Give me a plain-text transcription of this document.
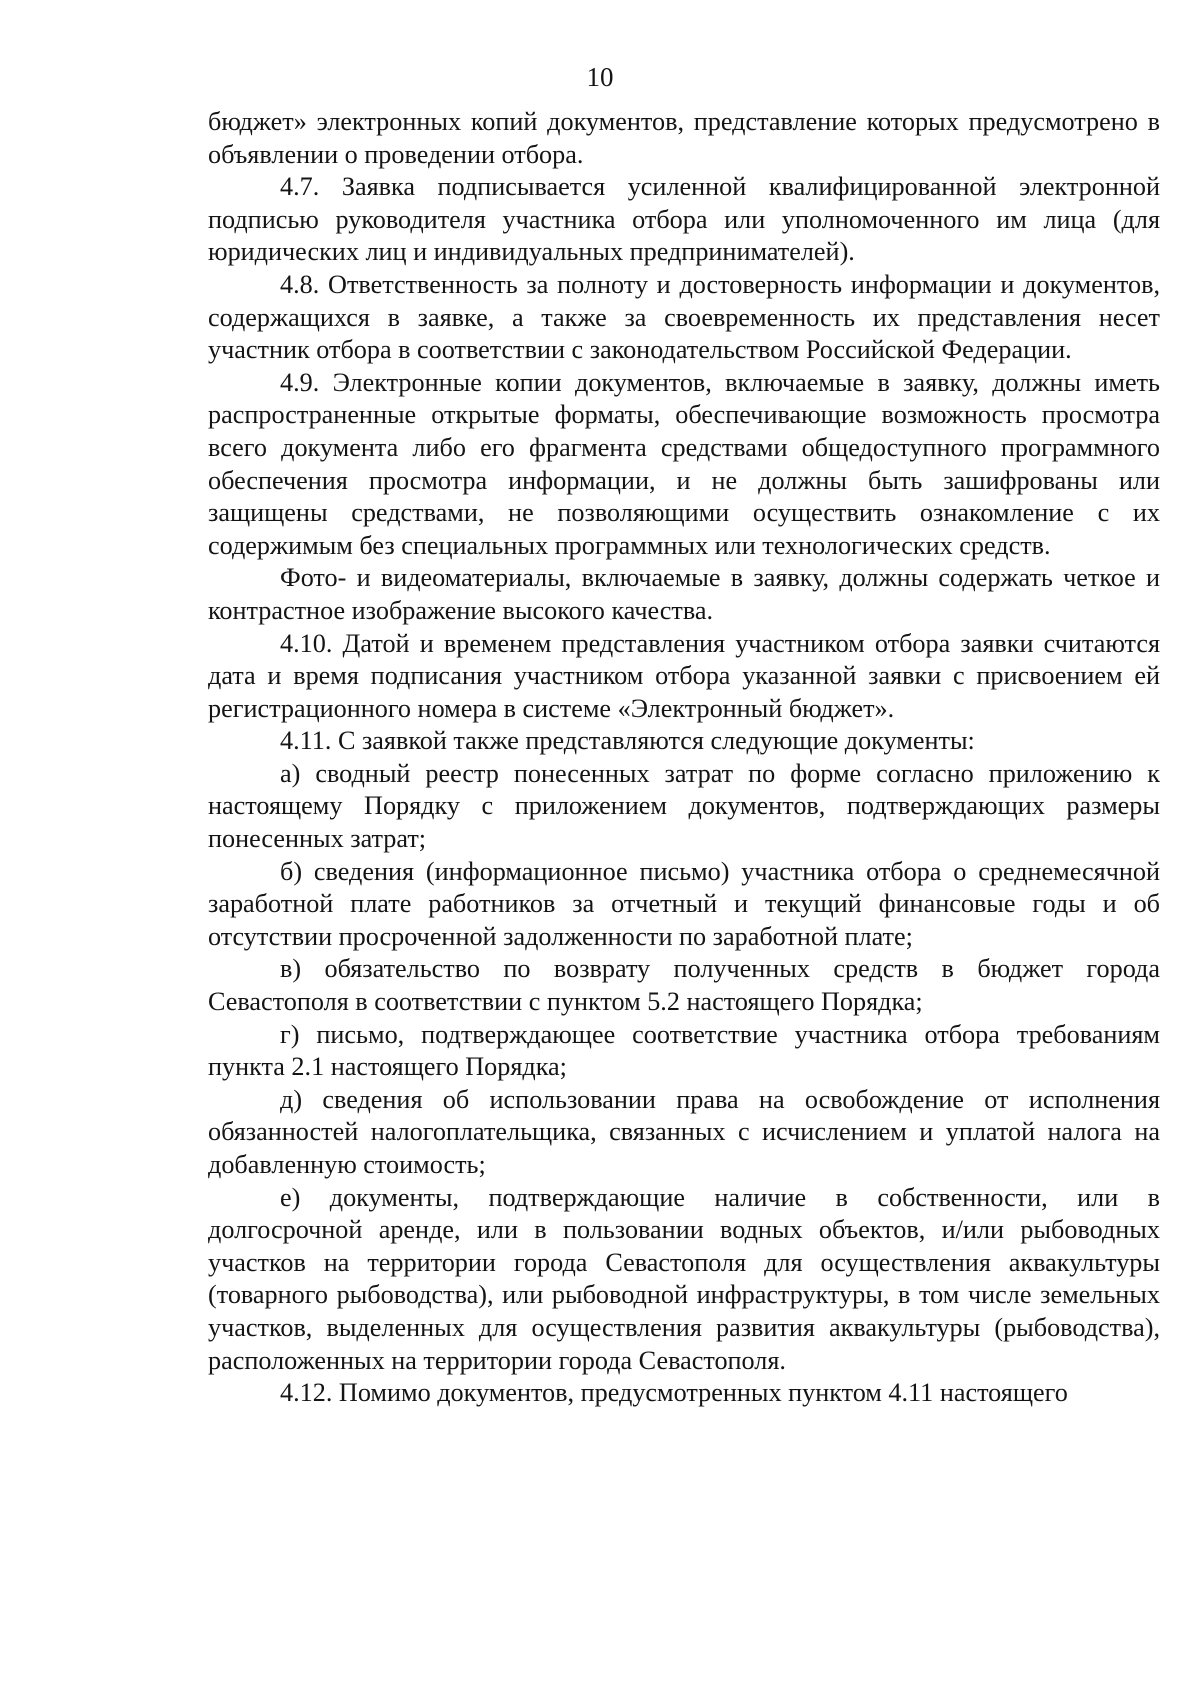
10

бюджет» электронных копий документов, представление которых предусмотрено в объявлении о проведении отбора.

4.7. Заявка подписывается усиленной квалифицированной электронной подписью руководителя участника отбора или уполномоченного им лица (для юридических лиц и индивидуальных предпринимателей).

4.8. Ответственность за полноту и достоверность информации и документов, содержащихся в заявке, а также за своевременность их представления несет участник отбора в соответствии с законодательством Российской Федерации.

4.9. Электронные копии документов, включаемые в заявку, должны иметь распространенные открытые форматы, обеспечивающие возможность просмотра всего документа либо его фрагмента средствами общедоступного программного обеспечения просмотра информации, и не должны быть зашифрованы или защищены средствами, не позволяющими осуществить ознакомление с их содержимым без специальных программных или технологических средств.

Фото- и видеоматериалы, включаемые в заявку, должны содержать четкое и контрастное изображение высокого качества.

4.10. Датой и временем представления участником отбора заявки считаются дата и время подписания участником отбора указанной заявки с присвоением ей регистрационного номера в системе «Электронный бюджет».

4.11. С заявкой также представляются следующие документы:

а) сводный реестр понесенных затрат по форме согласно приложению к настоящему Порядку с приложением документов, подтверждающих размеры понесенных затрат;

б) сведения (информационное письмо) участника отбора о среднемесячной заработной плате работников за отчетный и текущий финансовые годы и об отсутствии просроченной задолженности по заработной плате;

в) обязательство по возврату полученных средств в бюджет города Севастополя в соответствии с пунктом 5.2 настоящего Порядка;

г) письмо, подтверждающее соответствие участника отбора требованиям пункта 2.1 настоящего Порядка;

д) сведения об использовании права на освобождение от исполнения обязанностей налогоплательщика, связанных с исчислением и уплатой налога на добавленную стоимость;

е) документы, подтверждающие наличие в собственности, или в долгосрочной аренде, или в пользовании водных объектов, и/или рыбоводных участков на территории города Севастополя для осуществления аквакультуры (товарного рыбоводства), или рыбоводной инфраструктуры, в том числе земельных участков, выделенных для осуществления развития аквакультуры (рыбоводства), расположенных на территории города Севастополя.

4.12. Помимо документов, предусмотренных пунктом 4.11 настоящего
